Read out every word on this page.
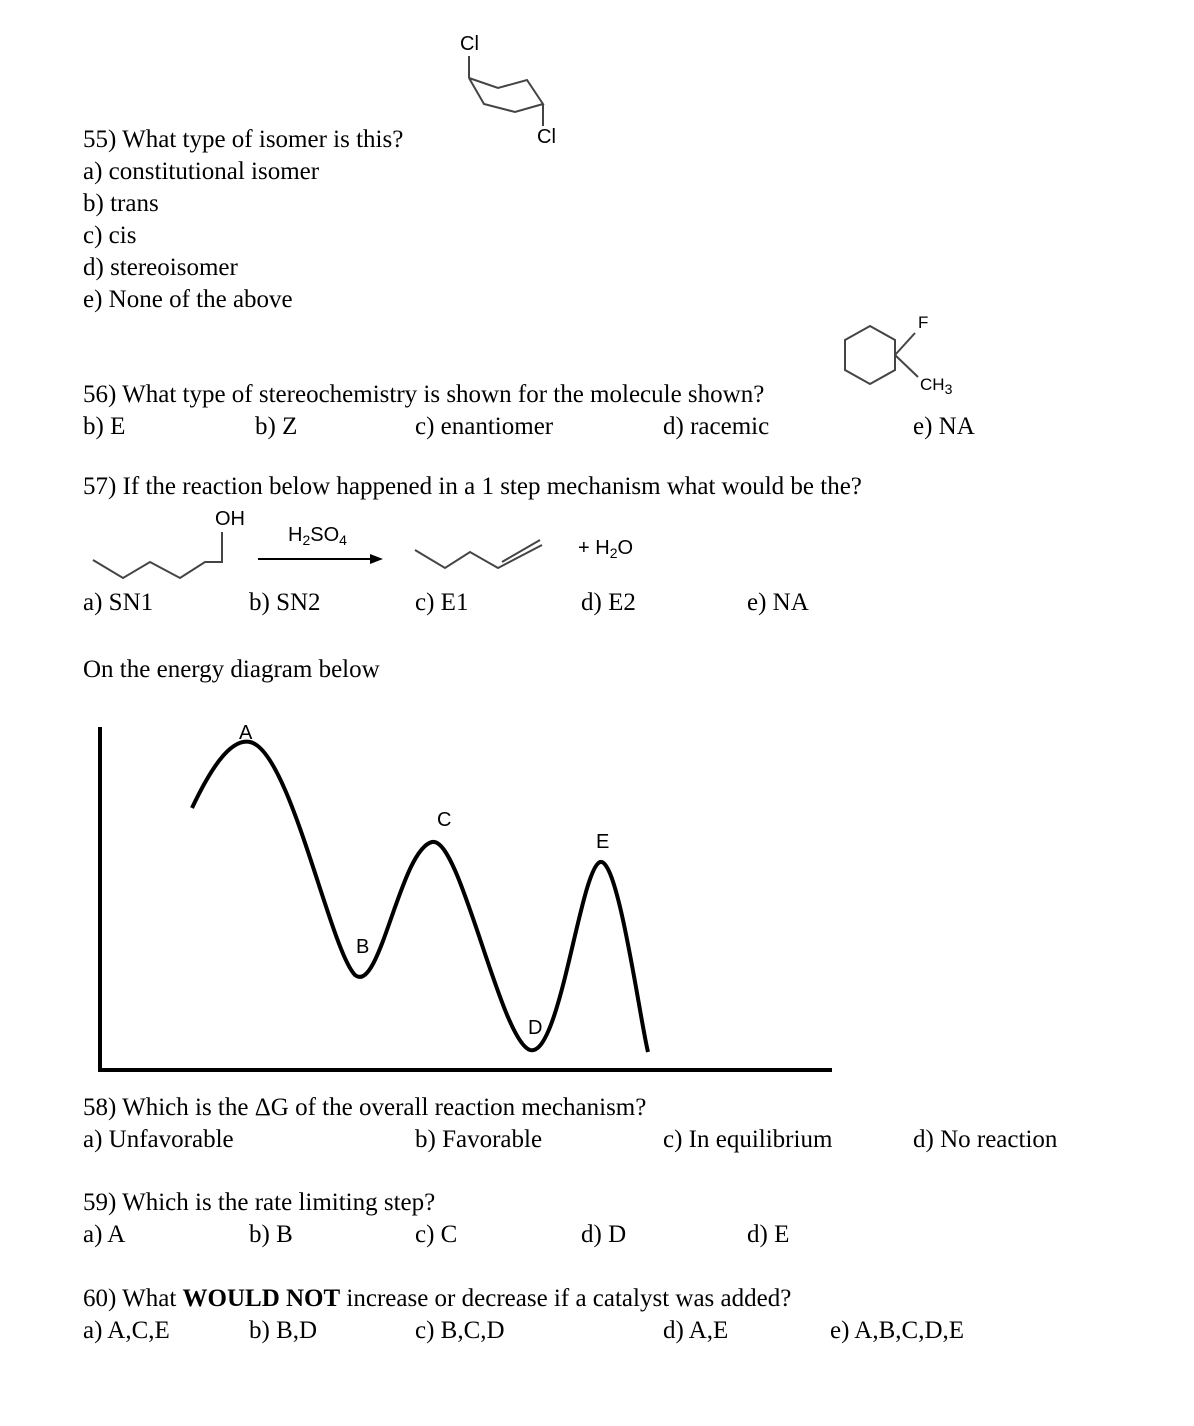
Cl
Cl
55) What type of isomer is this?
a) constitutional isomer
b) trans
c) cis
d) stereoisomer
e) None of the above
F
$CH_3$
56) What type of stereochemistry is shown for the molecule shown?
b) E	b) Z	c) enantiomer	d) racemic	e) NA
57) If the reaction below happened in a 1 step mechanism what would be the?
OH
$H_2SO_4$	+ $H_2O$
a) SN1	b) SN2	c) E1	d) E2	e) NA
On the energy diagram below
A
B
C
D
E
58) Which is the ΔG of the overall reaction mechanism?
a) Unfavorable	b) Favorable	c) In equilibrium	d) No reaction
59) Which is the rate limiting step?
a) A	b) B	c) C	d) D	d) E
60) What WOULD NOT increase or decrease if a catalyst was added?
a) A,C,E	b) B,D	c) B,C,D	d) A,E	e) A,B,C,D,E
